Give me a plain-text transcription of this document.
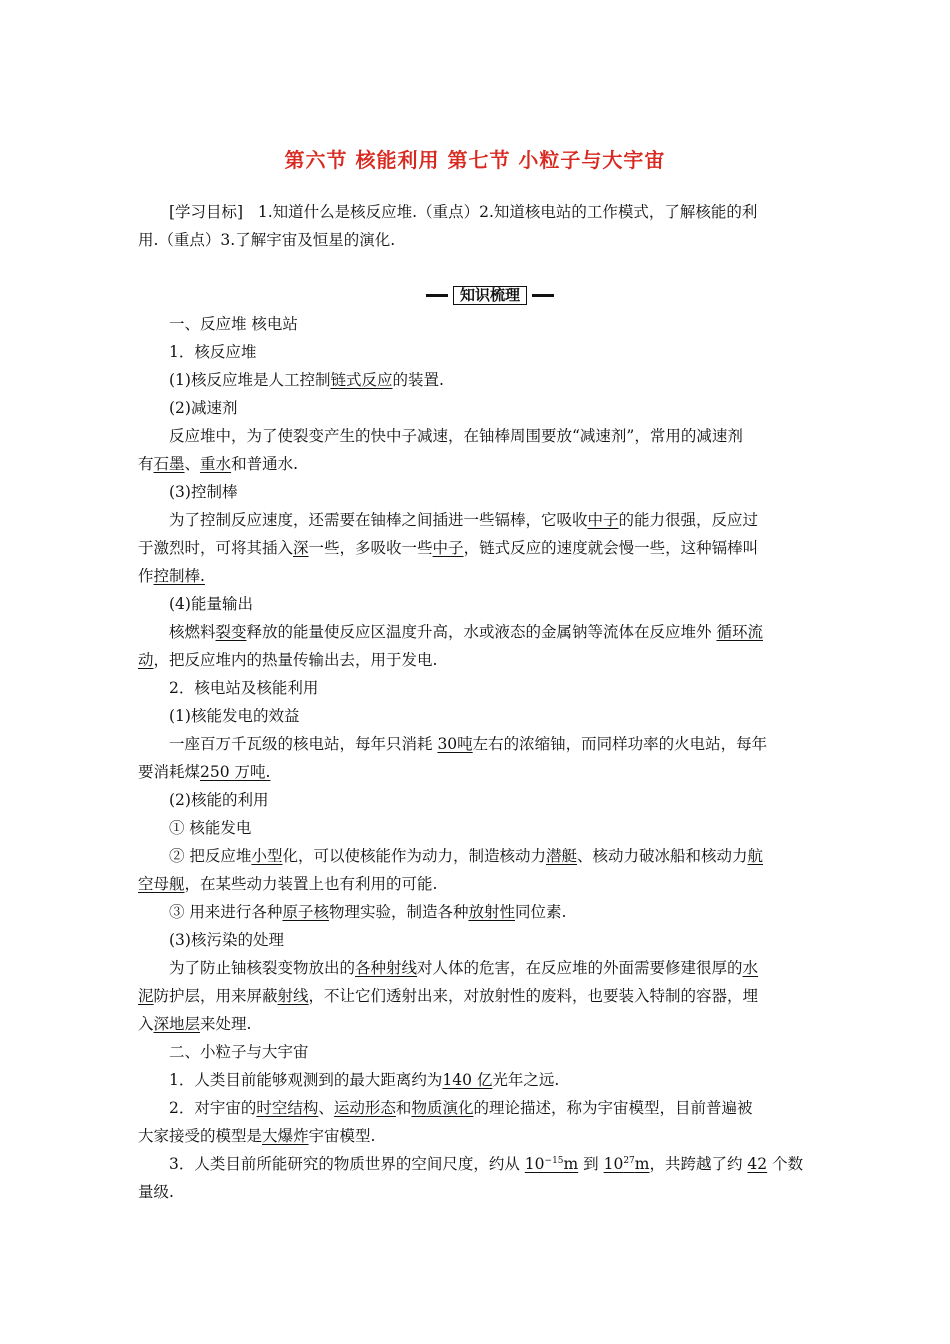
第六节 核能利用 第七节 小粒子与大宇宙
[学习目标] 1.知道什么是核反应堆.（重点）2.知道核电站的工作模式，了解核能的利
用.（重点）3.了解宇宙及恒星的演化.
知识梳理
一、反应堆 核电站
1．核反应堆
(1)核反应堆是人工控制链式反应的装置.
(2)减速剂
反应堆中，为了使裂变产生的快中子减速，在铀棒周围要放“减速剂”，常用的减速剂
有石墨、重水和普通水.
(3)控制棒
为了控制反应速度，还需要在铀棒之间插进一些镉棒，它吸收中子的能力很强，反应过
于激烈时，可将其插入深一些，多吸收一些中子，链式反应的速度就会慢一些，这种镉棒叫
作控制棒.
(4)能量输出
核燃料裂变释放的能量使反应区温度升高，水或液态的金属钠等流体在反应堆外 循环流
动，把反应堆内的热量传输出去，用于发电.
2．核电站及核能利用
(1)核能发电的效益
一座百万千瓦级的核电站，每年只消耗 30吨左右的浓缩铀，而同样功率的火电站，每年
要消耗煤250 万吨.
(2)核能的利用
① 核能发电
② 把反应堆小型化，可以使核能作为动力，制造核动力潜艇、核动力破冰船和核动力航
空母舰，在某些动力装置上也有利用的可能.
③ 用来进行各种原子核物理实验，制造各种放射性同位素.
(3)核污染的处理
为了防止铀核裂变物放出的各种射线对人体的危害，在反应堆的外面需要修建很厚的水
泥防护层，用来屏蔽射线，不让它们透射出来，对放射性的废料，也要装入特制的容器，埋
入深地层来处理.
二、小粒子与大宇宙
1．人类目前能够观测到的最大距离约为140 亿光年之远.
2．对宇宙的时空结构、运动形态和物质演化的理论描述，称为宇宙模型，目前普遍被
大家接受的模型是大爆炸宇宙模型.
3．人类目前所能研究的物质世界的空间尺度，约从 $10^{-15}m$ 到 $10^{27}m$，共跨越了约 42 个数
量级.
